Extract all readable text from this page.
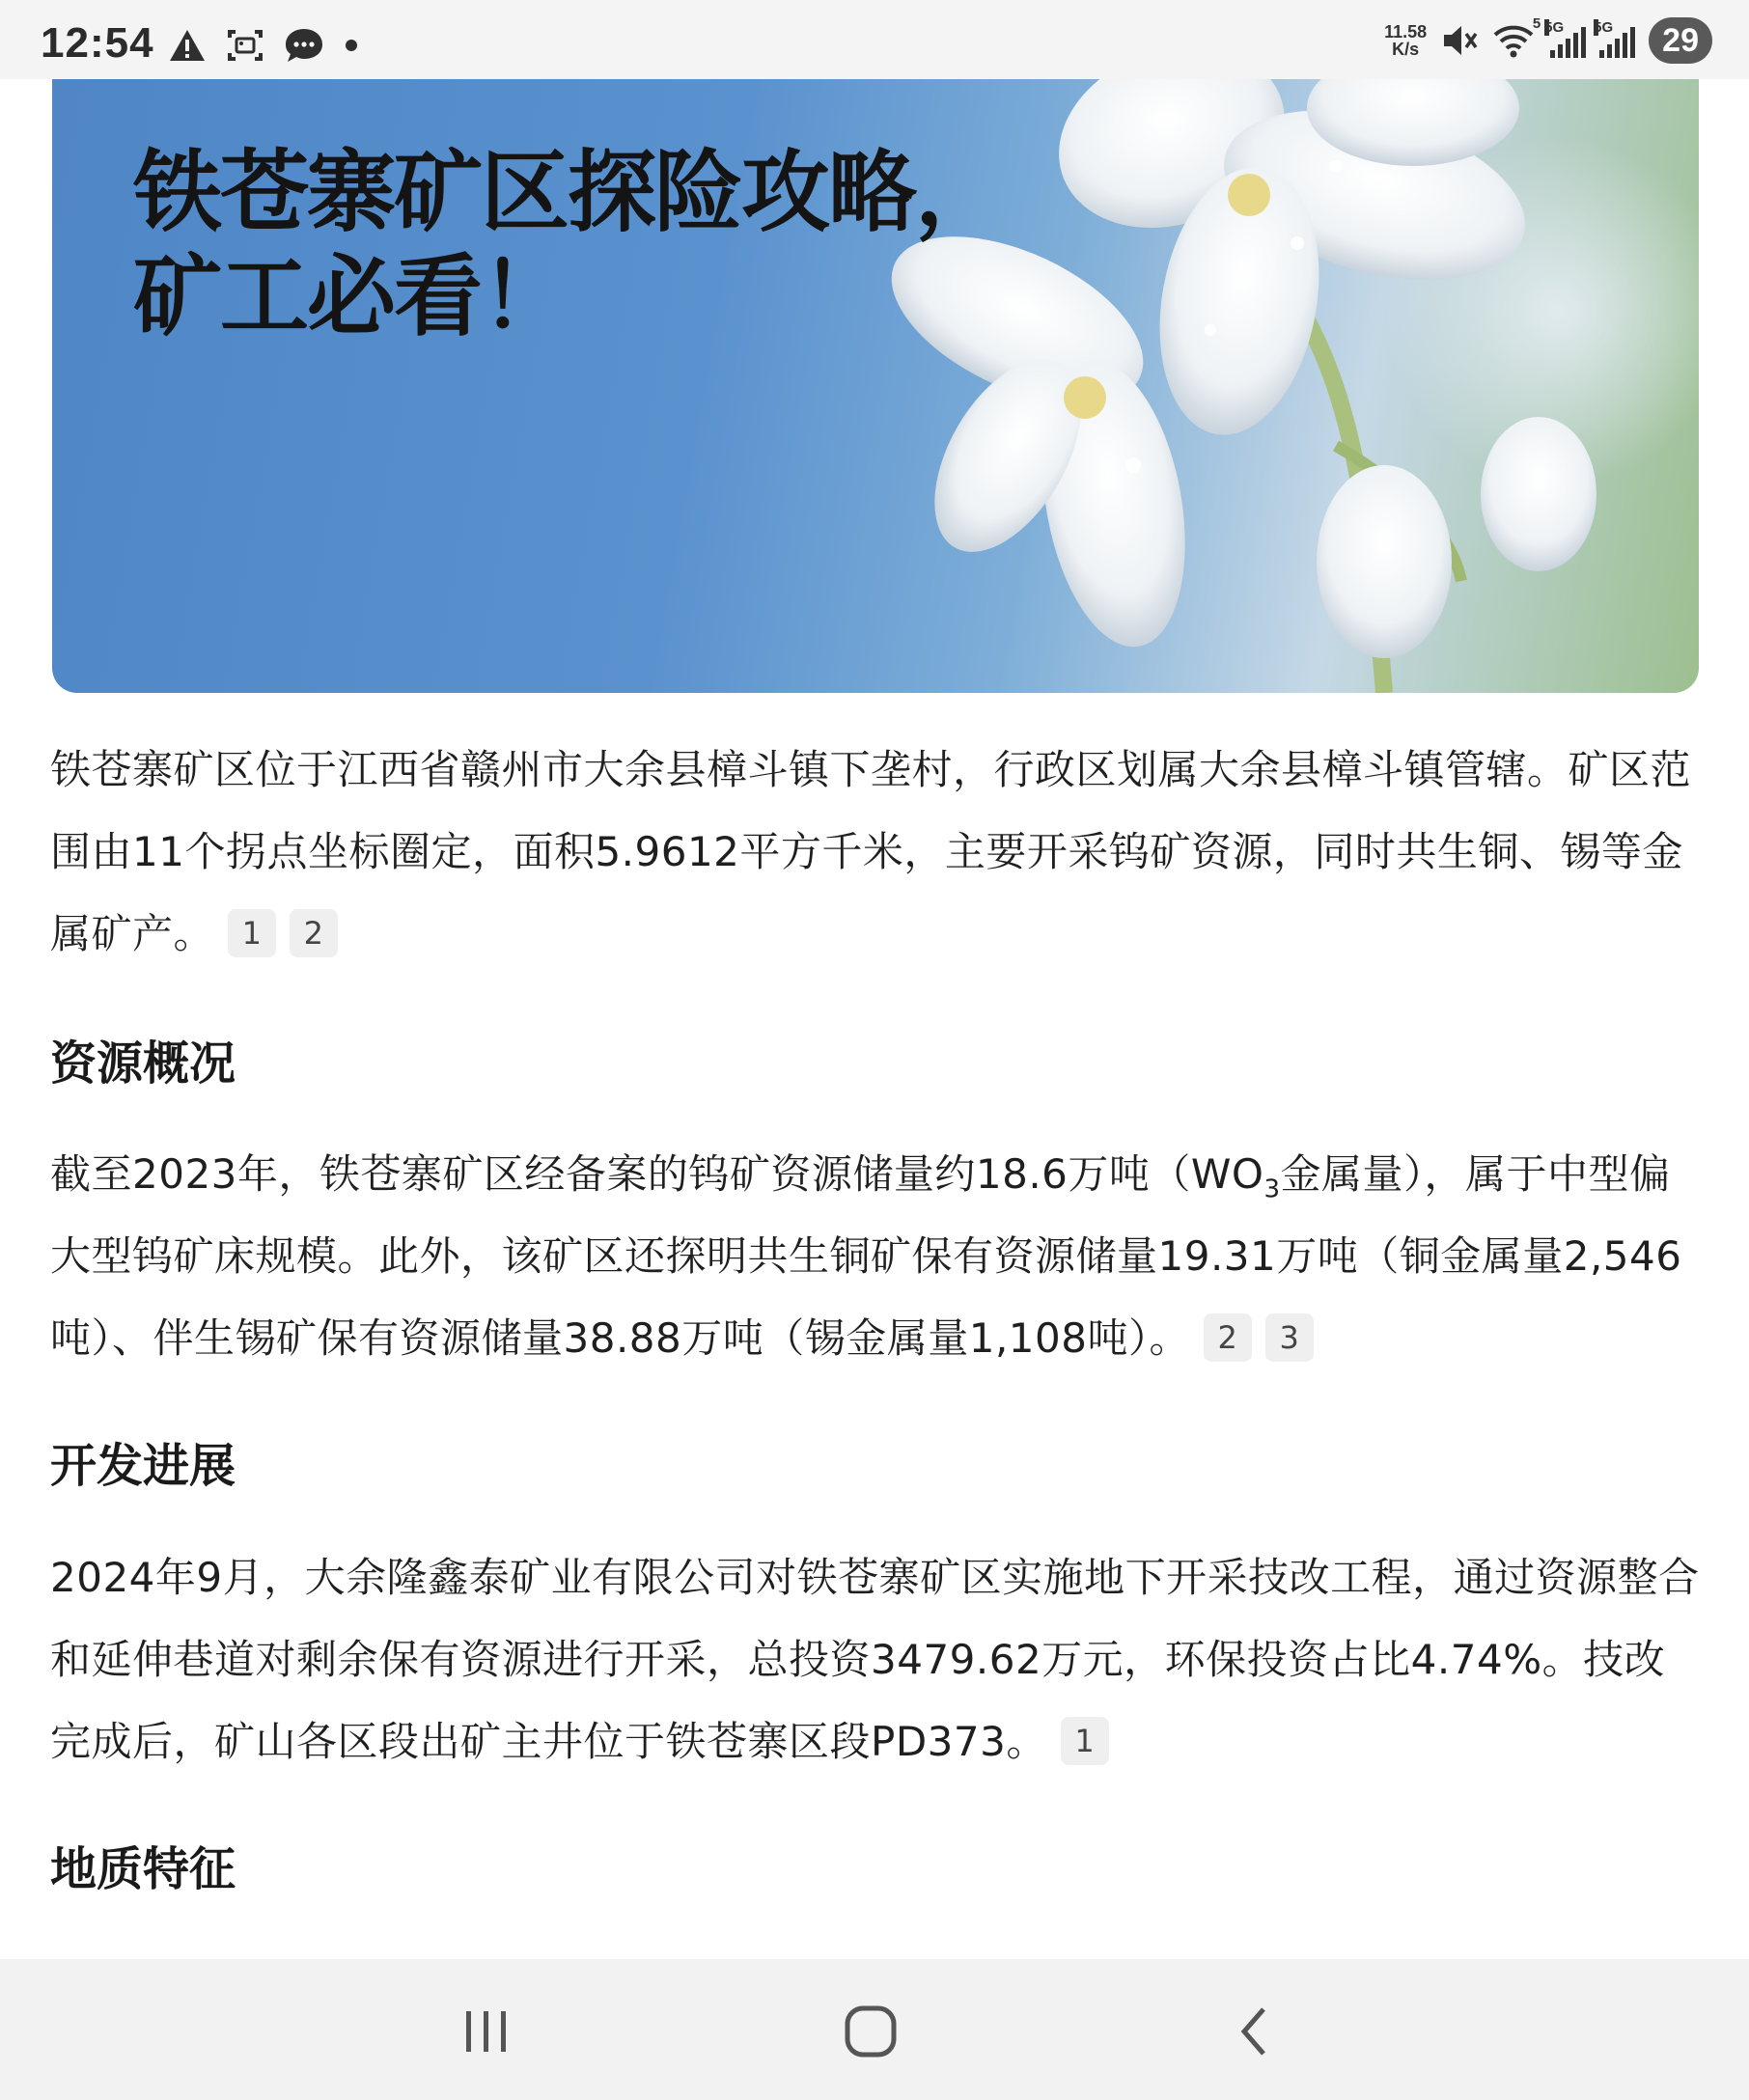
12:54	11.58
K/s
5 5G 5G	29
铁苍寨矿区探险攻略，
矿工必看！

铁苍寨矿区位于江西省赣州市大余县樟斗镇下垄村，行政区划属大余县樟斗镇管辖。矿区范围由11个拐点坐标圈定，面积5.9612平方千米，主要开采钨矿资源，同时共生铜、锡等金属矿产。 1 2

资源概况

截至2023年，铁苍寨矿区经备案的钨矿资源储量约18.6万吨（$WO_3$金属量），属于中型偏大型钨矿床规模。此外，该矿区还探明共生铜矿保有资源储量19.31万吨（铜金属量2,546吨）、伴生锡矿保有资源储量38.88万吨（锡金属量1,108吨）。 2 3

开发进展

2024年9月，大余隆鑫泰矿业有限公司对铁苍寨矿区实施地下开采技改工程，通过资源整合和延伸巷道对剩余保有资源进行开采，总投资3479.62万元，环保投资占比4.74%。技改完成后，矿山各区段出矿主井位于铁苍寨区段PD373。 1

地质特征
